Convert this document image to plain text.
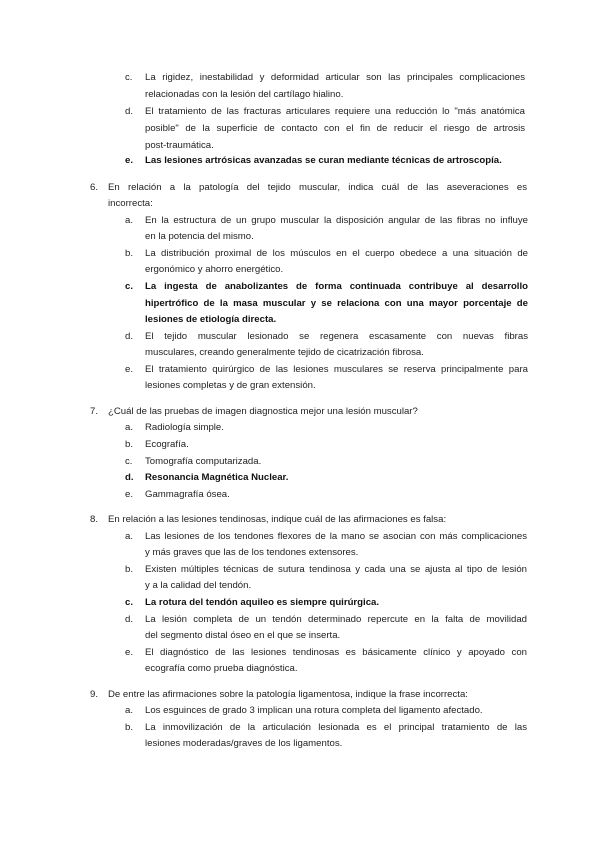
c. La rigidez, inestabilidad y deformidad articular son las principales complicaciones
relacionadas con la lesión del cartílago hialino.
d. El tratamiento de las fracturas articulares requiere una reducción lo "más anatómica
posible" de la superficie de contacto con el fin de reducir el riesgo de artrosis
post-traumática.
e. Las lesiones artrósicas avanzadas se curan mediante técnicas de artroscopía.
6. En relación a la patología del tejido muscular, indica cuál de las aseveraciones es
incorrecta:
a. En la estructura de un grupo muscular la disposición angular de las fibras no influye
en la potencia del mismo.
b. La distribución proximal de los músculos en el cuerpo obedece a una situación de
ergonómico y ahorro energético.
c. La ingesta de anabolizantes de forma continuada contribuye al desarrollo
hipertrófico de la masa muscular y se relaciona con una mayor porcentaje de
lesiones de etiología directa.
d. El tejido muscular lesionado se regenera escasamente con nuevas fibras
musculares, creando generalmente tejido de cicatrización fibrosa.
e. El tratamiento quirúrgico de las lesiones musculares se reserva principalmente para
lesiones completas y de gran extensión.
7. ¿Cuál de las pruebas de imagen diagnostica mejor una lesión muscular?
a. Radiología simple.
b. Ecografía.
c. Tomografía computarizada.
d. Resonancia Magnética Nuclear.
e. Gammagrafía ósea.
8. En relación a las lesiones tendinosas, indique cuál de las afirmaciones es falsa:
a. Las lesiones de los tendones flexores de la mano se asocian con más complicaciones
y más graves que las de los tendones extensores.
b. Existen múltiples técnicas de sutura tendinosa y cada una se ajusta al tipo de lesión
y a la calidad del tendón.
c. La rotura del tendón aquileo es siempre quirúrgica.
d. La lesión completa de un tendón determinado repercute en la falta de movilidad
del segmento distal óseo en el que se inserta.
e. El diagnóstico de las lesiones tendinosas es básicamente clínico y apoyado con
ecografía como prueba diagnóstica.
9. De entre las afirmaciones sobre la patología ligamentosa, indique la frase incorrecta:
a. Los esguinces de grado 3 implican una rotura completa del ligamento afectado.
b. La inmovilización de la articulación lesionada es el principal tratamiento de las
lesiones moderadas/graves de los ligamentos.
